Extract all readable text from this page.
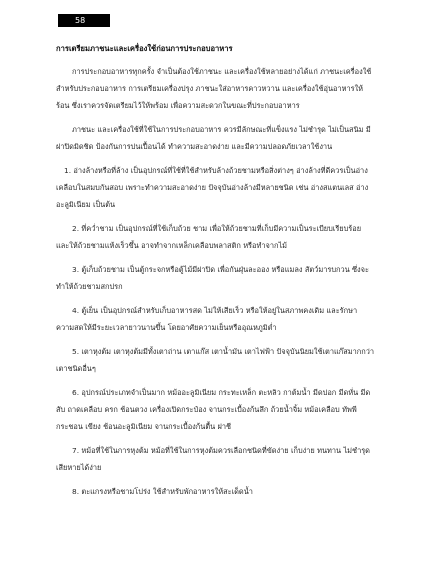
58
การเตรียมภาชนะและเครื่องใช้ก่อนการประกอบอาหาร

การประกอบอาหารทุกครั้ง จำเป็นต้องใช้ภาชนะ และเครื่องใช้หลายอย่างได้แก่ ภาชนะเครื่องใช้สำหรับประกอบอาหาร การเตรียมเครื่องปรุง ภาชนะใส่อาหารคาวหวาน และเครื่องใช้อุ่นอาหารให้ร้อน ซึ่งเราควรจัดเตรียมไว้ให้พร้อม เพื่อความสะดวกในขณะที่ประกอบอาหาร

ภาชนะ และเครื่องใช้ที่ใช้ในการประกอบอาหาร ควรมีลักษณะที่แข็งแรง ไม่ชำรุด ไม่เป็นสนิม มีฝาปิดมิดชิด ป้องกันการปนเปื้อนได้ ทำความสะอาดง่าย และมีความปลอดภัยเวลาใช้งาน

1. อ่างล้างหรือที่ล้าง เป็นอุปกรณ์ที่ใช้ที่ใช้สำหรับล้างถ้วยชามหรือสิ่งต่างๆ อ่างล้างที่ดีควรเป็นอ่างเคลือบในสมบกันสอบ เพราะทำความสะอาดง่าย ปัจจุบันอ่างล้างมีหลายชนิด เช่น อ่างสแตนเลส อ่างอะลูมิเนียม เป็นต้น

2. ที่คว่ำชาม เป็นอุปกรณ์ที่ใช้เก็บถ้วย ชาม เพื่อให้ถ้วยชามที่เก็บมีความเป็นระเบียบเรียบร้อย และให้ถ้วยชามแห้งเร็วขึ้น อาจทำจากเหล็กเคลือบพลาสติก หรือทำจากไม้

3. ตู้เก็บถ้วยชาม เป็นตู้กระจกหรือตู้ไม้มีฝาปิด เพื่อกันฝุ่นละออง หรือแมลง สัตว์มารบกวน ซึ่งจะทำให้ถ้วยชามสกปรก

4. ตู้เย็น เป็นอุปกรณ์สำหรับเก็บอาหารสด ไม่ให้เสียเร็ว หรือให้อยู่ในสภาพคงเดิม และรักษาความสดให้มีระยะเวลายาวนานขึ้น โดยอาศัยความเย็นหรืออุณหภูมิต่ำ

5. เตาหุงต้ม เตาหุงต้มมีทั้งเตาถ่าน เตาแก๊ส เตาน้ำมัน เตาไฟฟ้า ปัจจุบันนิยมใช้เตาแก๊สมากกว่าเตาชนิดอื่นๆ

6. อุปกรณ์ประเภทจำเป็นมาก หม้ออะลูมิเนียม กระทะเหล็ก ตะหลิว กาต้มน้ำ มีดปอก มีดหั่น มีดสับ ถาดเคลือบ ครก ช้อนตวง เครื่องเปิดกระป๋อง จานกระเบื้องก้นลึก ถ้วยน้ำจิ้ม หม้อเคลือบ ทัพพี กระชอน เขียง ช้อนอะลูมิเนียม จานกระเบื้องก้นตื้น ฝาชี

7. หม้อที่ใช้ในการหุงต้ม หม้อที่ใช้ในการหุงต้มควรเลือกชนิดที่ขัดง่าย เก็บง่าย ทนทาน ไม่ชำรุดเสียหายได้ง่าย

8. ตะแกรงหรือชามโปร่ง ใช้สำหรับพักอาหารให้สะเด็ดน้ำ
